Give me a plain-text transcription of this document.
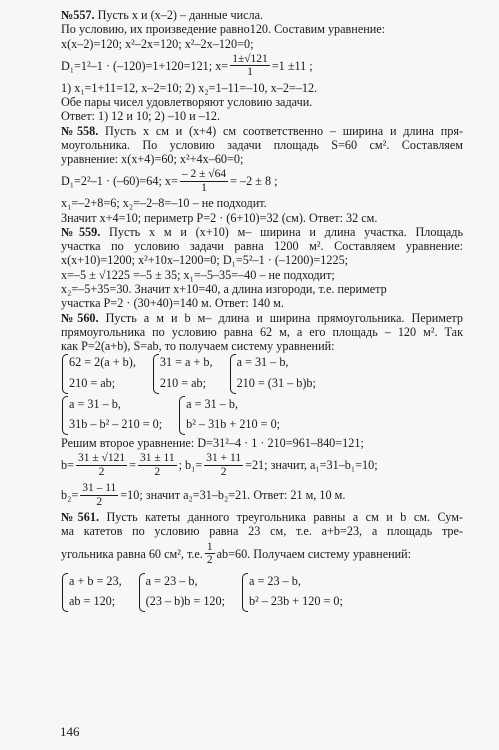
№557. Пусть x и (x–2) – данные числа.
По условию, их произведение равно120. Составим уравнение:
x(x–2)=120; x²–2x=120; x²–2x–120=0;
D₁=1²–1 · (–120)=1+120=121; $x= \frac{1\pm√121}{1} =1 \pm 11$ ;
1) x₁=1+11=12, x–2=10; 2) x₂=1–11=–10, x–2=–12.
Обе пары чисел удовлетворяют условию задачи.
Ответ: 1) 12 и 10; 2) –10 и –12.
№558. Пусть x см и (x+4) см соответственно – ширина и длина пря-
моугольника. По условию задачи площадь S=60 см². Составляем
уравнение: x(x+4)=60; x²+4x–60=0;
D₁=2²–1 · (–60)=64; $x= \frac{- 2 \pm √64}{1} = -2 \pm 8$ ;
x₁=–2+8=6; x₂=–2–8=–10 – не подходит.
Значит x+4=10; периметр P=2 · (6+10)=32 (см). Ответ: 32 см.
№559. Пусть x м и (x+10) м– ширина и длина участка. Площадь
участка по условию задачи равна 1200 м². Составляем уравнение:
x(x+10)=1200; x²+10x–1200=0; D₁=5²–1 · (–1200)=1225;
x=–5 ± √1225 =–5 ± 35; x₁=–5–35=–40 – не подходит;
x₂=–5+35=30. Значит x+10=40, а длина изгороди, т.е. периметр
участка P=2 · (30+40)=140 м. Ответ: 140 м.
№560. Пусть а м и b м– длина и ширина прямоугольника. Периметр
прямоугольника по условию равна 62 м, а его площадь – 120 м². Так
как P=2(a+b), S=ab, то получаем систему уравнений:
62 = 2(a + b),
210 = ab;
31 = a + b,
210 = ab;
a = 31 – b,
210 = (31 – b)b;
a = 31 – b,
31b – b² – 210 = 0;
a = 31 – b,
b² – 31b + 210 = 0;
Решим второе уравнение: D=31²–4 · 1 · 210=961–840=121;
$b= \frac{31 \pm √121}{2} = \frac{31 \pm 11}{2}$ ; $b_1= \frac{31 + 11}{2} =21$; значит, a₁=31–b₁=10;
$b_2= \frac{31 - 11}{2} =10$; значит a₂=31–b₂=21. Ответ: 21 м, 10 м.
№561. Пусть катеты данного треугольника равны a см и b см. Сум-
ма катетов по условию равна 23 см, т.е. a+b=23, а площадь тре-
угольника равна 60 см², т.е. $\frac{1}{2} ab=60$. Получаем систему уравнений:
a + b = 23,
ab = 120;
a = 23 – b,
(23 – b)b = 120;
a = 23 – b,
b² – 23b + 120 = 0;
146
